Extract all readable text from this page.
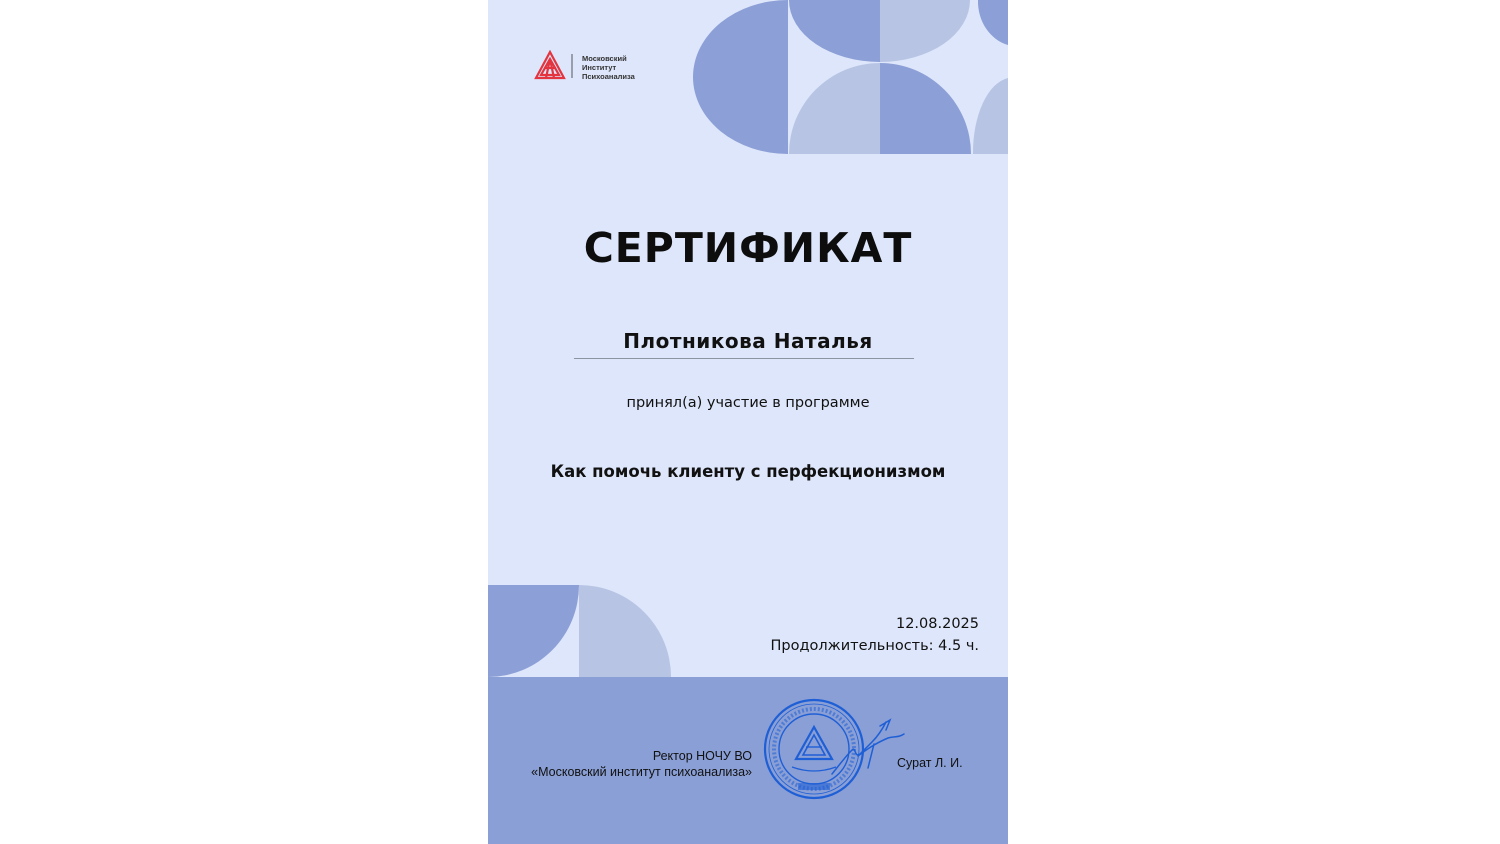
Московский
Институт
Психоанализа
СЕРТИФИКАТ
Плотникова Наталья
принял(а) участие в программе
Как помочь клиенту с перфекционизмом
12.08.2025
Продолжительность: 4.5 ч.
Ректор НОЧУ ВО
«Московский институт психоанализа»
Сурат Л. И.
